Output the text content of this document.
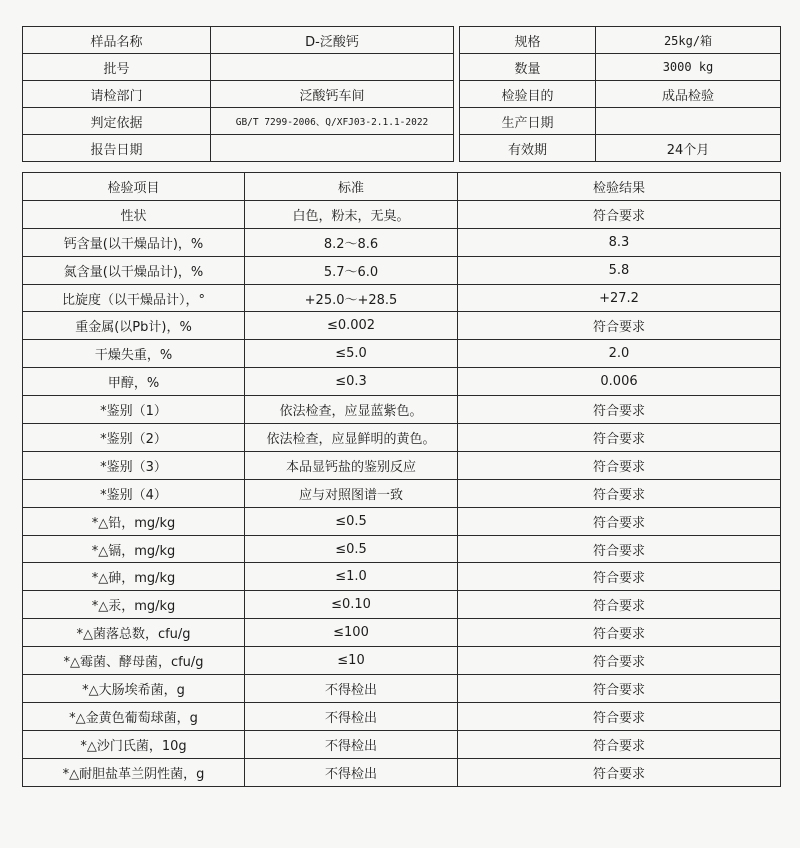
样品名称	D-泛酸钙		规格	25kg/箱
批号			数量	3000 kg
请检部门	泛酸钙车间		检验目的	成品检验
判定依据	GB/T 7299-2006、Q/XFJ03-2.1.1-2022		生产日期	
报告日期			有效期	24个月
检验项目	标准	检验结果
性状	白色，粉末，无臭。	符合要求
钙含量(以干燥品计)，%	8.2～8.6	8.3
氮含量(以干燥品计)，%	5.7～6.0	5.8
比旋度（以干燥品计），°	+25.0～+28.5	+27.2
重金属(以Pb计)，%	≤0.002	符合要求
干燥失重，%	≤5.0	2.0
甲醇，%	≤0.3	0.006
*鉴别（1）	依法检查，应显蓝紫色。	符合要求
*鉴别（2）	依法检查，应显鲜明的黄色。	符合要求
*鉴别（3）	本品显钙盐的鉴别反应	符合要求
*鉴别（4）	应与对照图谱一致	符合要求
*△铅，mg/kg	≤0.5	符合要求
*△镉，mg/kg	≤0.5	符合要求
*△砷，mg/kg	≤1.0	符合要求
*△汞，mg/kg	≤0.10	符合要求
*△菌落总数，cfu/g	≤100	符合要求
*△霉菌、酵母菌，cfu/g	≤10	符合要求
*△大肠埃希菌，g	不得检出	符合要求
*△金黄色葡萄球菌，g	不得检出	符合要求
*△沙门氏菌，10g	不得检出	符合要求
*△耐胆盐革兰阴性菌，g	不得检出	符合要求
